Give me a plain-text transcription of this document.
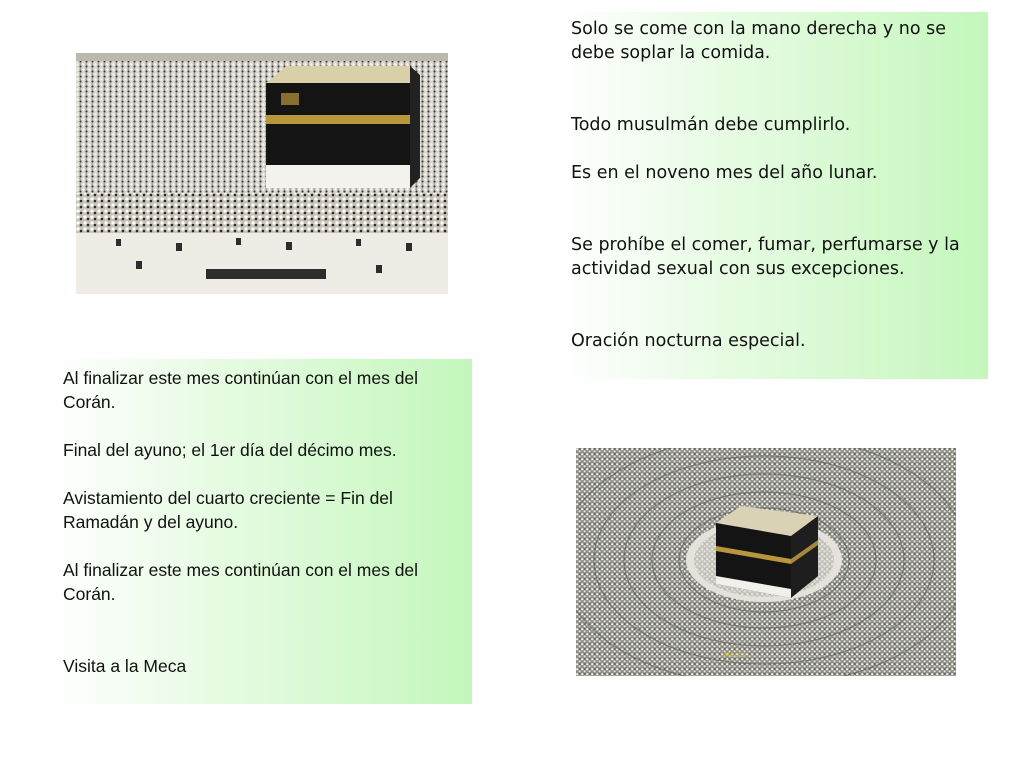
Solo se come con la mano derecha y no se debe soplar la comida.

Todo musulmán debe cumplirlo.

Es en el noveno mes del año lunar.

Se prohíbe el comer, fumar, perfumarse y la actividad sexual con sus excepciones.

Oración nocturna especial.

Al finalizar este mes continúan con el mes del Corán.

Final del ayuno; el 1er día del décimo mes.

Avistamiento del cuarto creciente = Fin del Ramadán y del ayuno.

Al finalizar este mes continúan con el mes del Corán.

Visita a la Meca

Mecca
